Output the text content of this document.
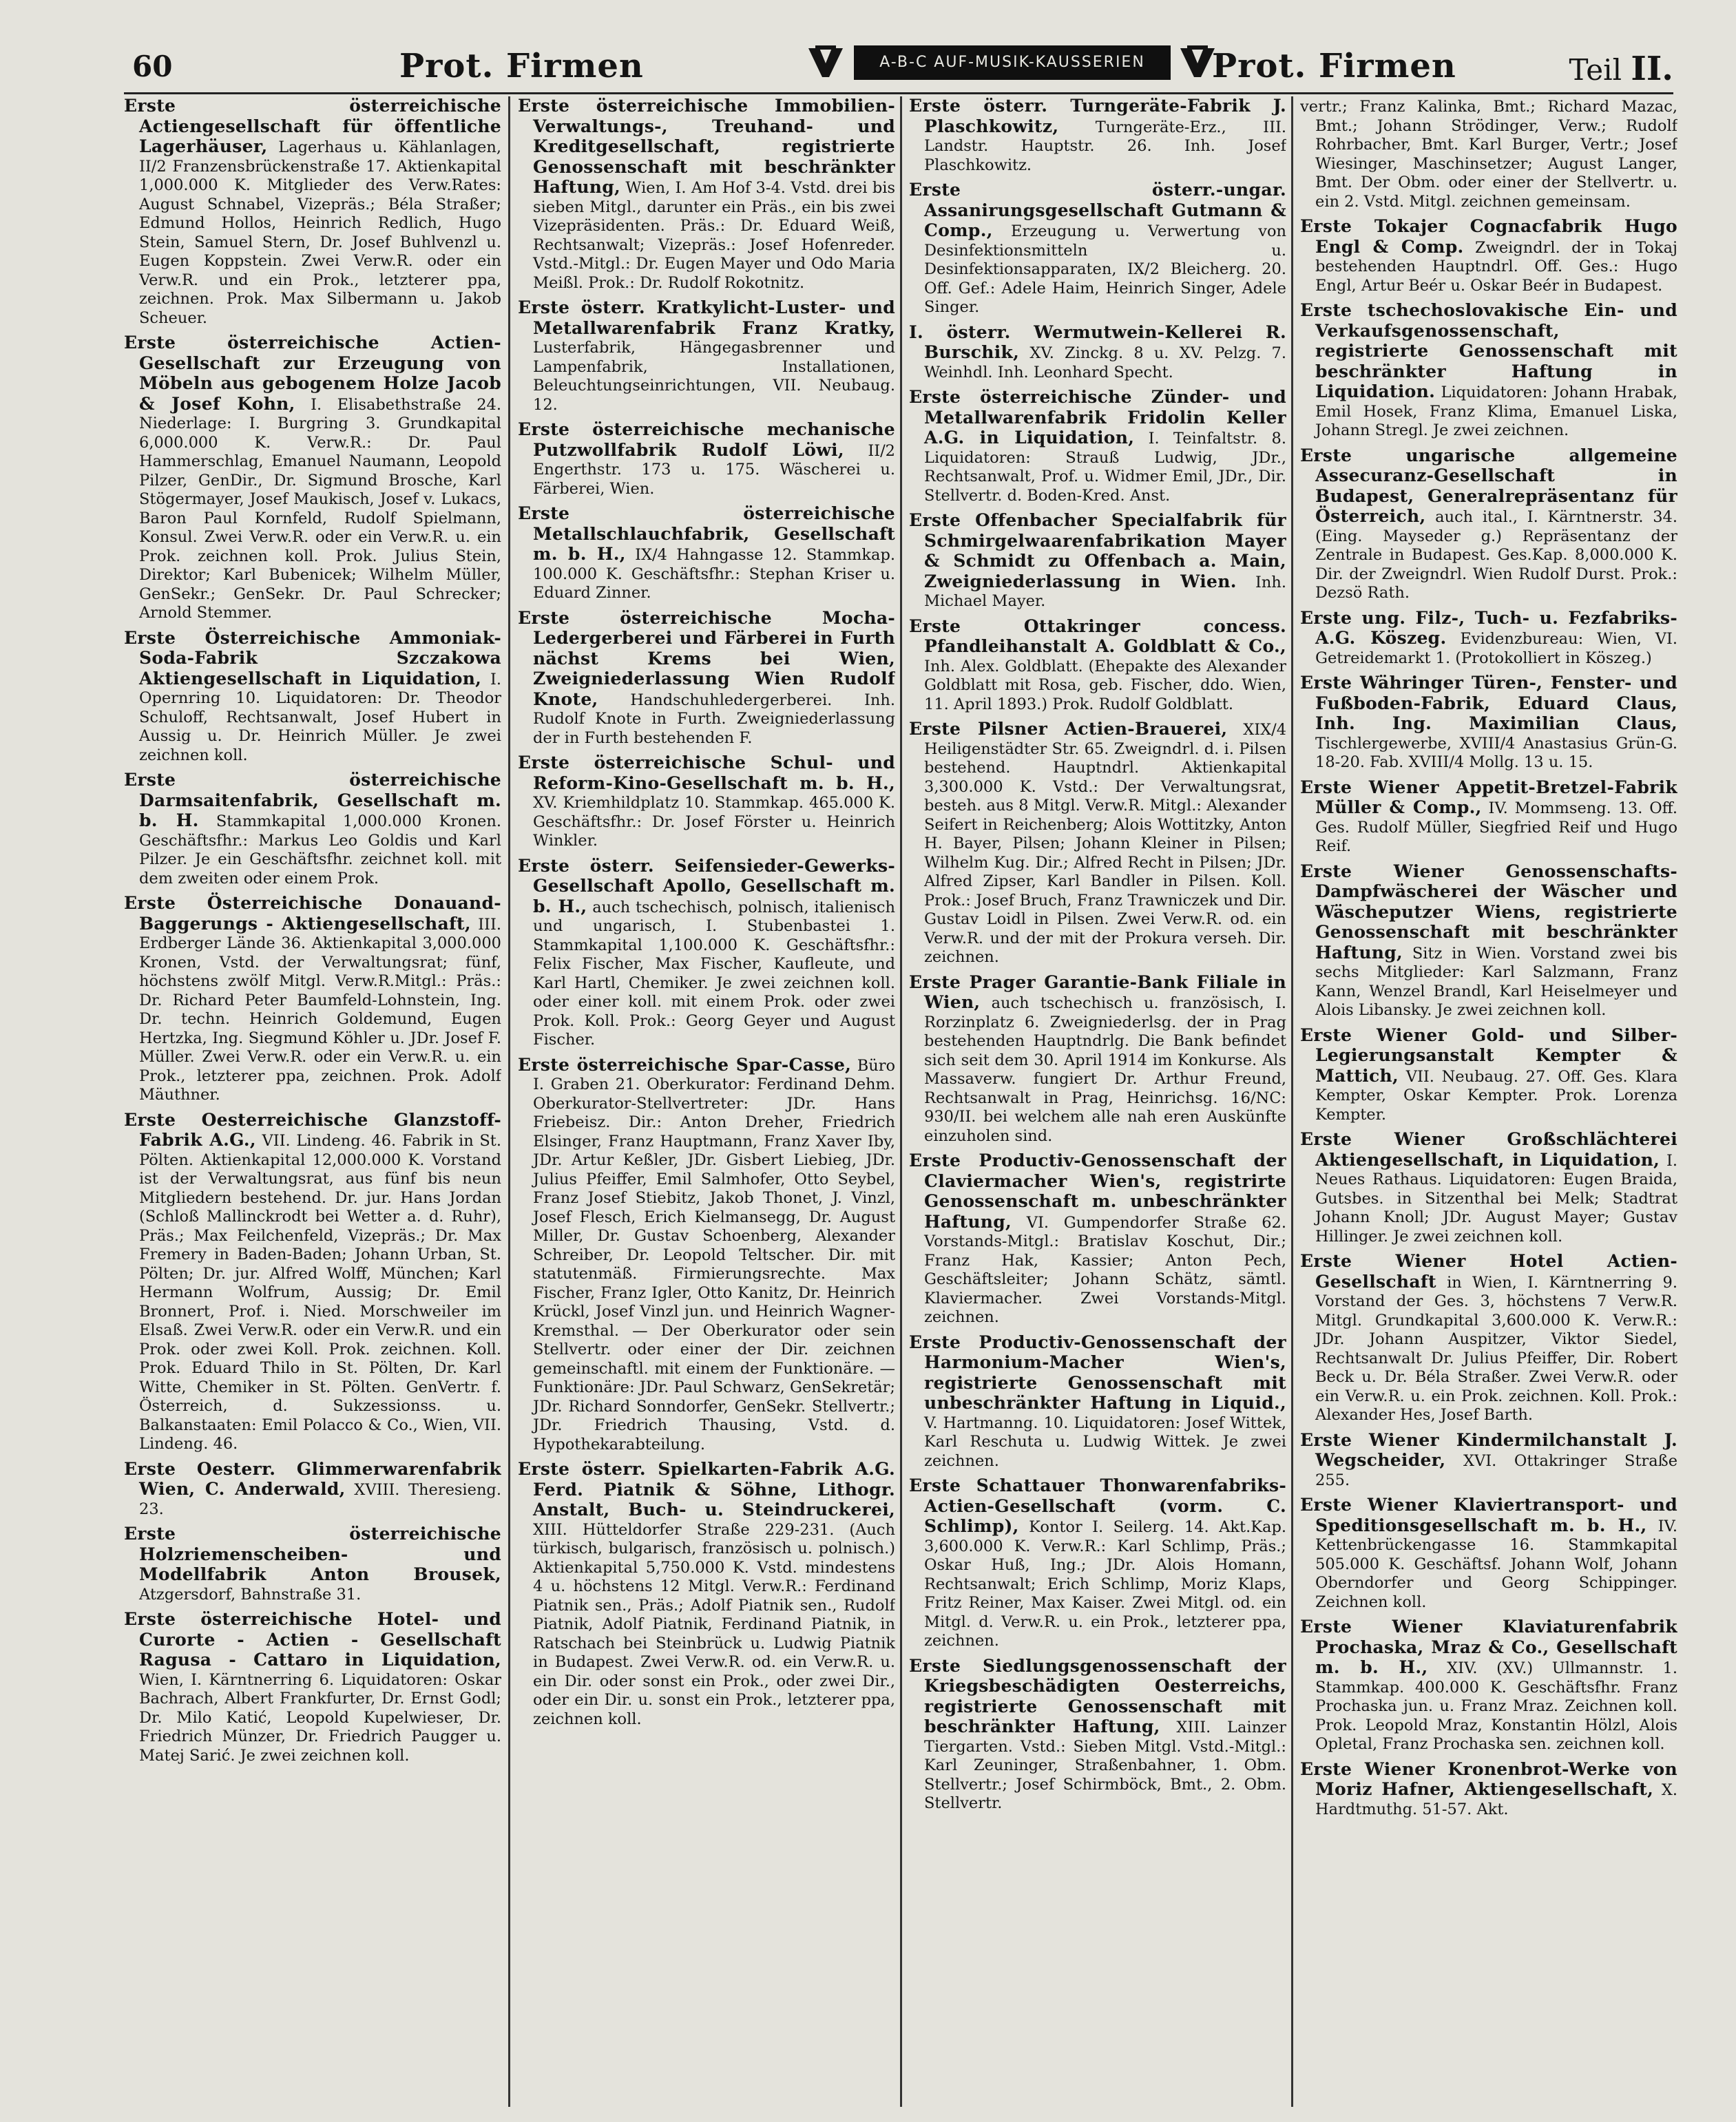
60	Prot. Firmen	A-B-C AUF-MUSIK-KAUSSERIEN	Prot. Firmen	Teil II.

Erste österreichische Actiengesellschaft für öffentliche Lagerhäuser, Lagerhaus u. Kählanlagen, II/2 Franzensbrückenstraße 17. Aktienkapital 1,000.000 K. Mitglieder des Verw.Rates: August Schnabel, Vizepräs.; Béla Straßer; Edmund Hollos, Heinrich Redlich, Hugo Stein, Samuel Stern, Dr. Josef Buhlvenzl u. Eugen Koppstein. Zwei Verw.R. oder ein Verw.R. und ein Prok., letzterer ppa, zeichnen. Prok. Max Silbermann u. Jakob Scheuer.

Erste österreichische Actien-Gesellschaft zur Erzeugung von Möbeln aus gebogenem Holze Jacob & Josef Kohn, I. Elisabethstraße 24. Niederlage: I. Burgring 3. Grundkapital 6,000.000 K. Verw.R.: Dr. Paul Hammerschlag, Emanuel Naumann, Leopold Pilzer, GenDir., Dr. Sigmund Brosche, Karl Stögermayer, Josef Maukisch, Josef v. Lukacs, Baron Paul Kornfeld, Rudolf Spielmann, Konsul. Zwei Verw.R. oder ein Verw.R. u. ein Prok. zeichnen koll. Prok. Julius Stein, Direktor; Karl Bubenicek; Wilhelm Müller, GenSekr.; GenSekr. Dr. Paul Schrecker; Arnold Stemmer.

Erste Österreichische Ammoniak-Soda-Fabrik Szczakowa Aktiengesellschaft in Liquidation, I. Opernring 10. Liquidatoren: Dr. Theodor Schuloff, Rechtsanwalt, Josef Hubert in Aussig u. Dr. Heinrich Müller. Je zwei zeichnen koll.

Erste österreichische Darmsaitenfabrik, Gesellschaft m. b. H. Stammkapital 1,000.000 Kronen. Geschäftsfhr.: Markus Leo Goldis und Karl Pilzer. Je ein Geschäftsfhr. zeichnet koll. mit dem zweiten oder einem Prok.

Erste Österreichische Donauand-Baggerungs - Aktiengesellschaft, III. Erdberger Lände 36. Aktienkapital 3,000.000 Kronen, Vstd. der Verwaltungsrat; fünf, höchstens zwölf Mitgl. Verw.R.Mitgl.: Präs.: Dr. Richard Peter Baumfeld-Lohnstein, Ing. Dr. techn. Heinrich Goldemund, Eugen Hertzka, Ing. Siegmund Köhler u. JDr. Josef F. Müller. Zwei Verw.R. oder ein Verw.R. u. ein Prok., letzterer ppa, zeichnen. Prok. Adolf Mäuthner.

Erste Oesterreichische Glanzstoff-Fabrik A.G., VII. Lindeng. 46. Fabrik in St. Pölten. Aktienkapital 12,000.000 K. Vorstand ist der Verwaltungsrat, aus fünf bis neun Mitgliedern bestehend. Dr. jur. Hans Jordan (Schloß Mallinckrodt bei Wetter a. d. Ruhr), Präs.; Max Feilchenfeld, Vizepräs.; Dr. Max Fremery in Baden-Baden; Johann Urban, St. Pölten; Dr. jur. Alfred Wolff, München; Karl Hermann Wolfrum, Aussig; Dr. Emil Bronnert, Prof. i. Nied. Morschweiler im Elsaß. Zwei Verw.R. oder ein Verw.R. und ein Prok. oder zwei Koll. Prok. zeichnen. Koll. Prok. Eduard Thilo in St. Pölten, Dr. Karl Witte, Chemiker in St. Pölten. GenVertr. f. Österreich, d. Sukzessionss. u. Balkanstaaten: Emil Polacco & Co., Wien, VII. Lindeng. 46.

Erste Oesterr. Glimmerwarenfabrik Wien, C. Anderwald, XVIII. Theresieng. 23.

Erste österreichische Holzriemenscheiben- und Modellfabrik Anton Brousek, Atzgersdorf, Bahnstraße 31.

Erste österreichische Hotel- und Curorte - Actien - Gesellschaft Ragusa - Cattaro in Liquidation, Wien, I. Kärntnerring 6. Liquidatoren: Oskar Bachrach, Albert Frankfurter, Dr. Ernst Godl; Dr. Milo Katić, Leopold Kupelwieser, Dr. Friedrich Münzer, Dr. Friedrich Paugger u. Matej Sarić. Je zwei zeichnen koll.

Erste österreichische Immobilien-Verwaltungs-, Treuhand- und Kreditgesellschaft, registrierte Genossenschaft mit beschränkter Haftung, Wien, I. Am Hof 3-4. Vstd. drei bis sieben Mitgl., darunter ein Präs., ein bis zwei Vizepräsidenten. Präs.: Dr. Eduard Weiß, Rechtsanwalt; Vizepräs.: Josef Hofenreder. Vstd.-Mitgl.: Dr. Eugen Mayer und Odo Maria Meißl. Prok.: Dr. Rudolf Rokotnitz.

Erste österr. Kratkylicht-Luster- und Metallwarenfabrik Franz Kratky, Lusterfabrik, Hängegasbrenner und Lampenfabrik, Installationen, Beleuchtungseinrichtungen, VII. Neubaug. 12.

Erste österreichische mechanische Putzwollfabrik Rudolf Löwi, II/2 Engerthstr. 173 u. 175. Wäscherei u. Färberei, Wien.

Erste österreichische Metallschlauchfabrik, Gesellschaft m. b. H., IX/4 Hahngasse 12. Stammkap. 100.000 K. Geschäftsfhr.: Stephan Kriser u. Eduard Zinner.

Erste österreichische Mocha-Ledergerberei und Färberei in Furth nächst Krems bei Wien, Zweigniederlassung Wien Rudolf Knote, Handschuhledergerberei. Inh. Rudolf Knote in Furth. Zweigniederlassung der in Furth bestehenden F.

Erste österreichische Schul- und Reform-Kino-Gesellschaft m. b. H., XV. Kriemhildplatz 10. Stammkap. 465.000 K. Geschäftsfhr.: Dr. Josef Förster u. Heinrich Winkler.

Erste österr. Seifensieder-Gewerks-Gesellschaft Apollo, Gesellschaft m. b. H., auch tschechisch, polnisch, italienisch und ungarisch, I. Stubenbastei 1. Stammkapital 1,100.000 K. Geschäftsfhr.: Felix Fischer, Max Fischer, Kaufleute, und Karl Hartl, Chemiker. Je zwei zeichnen koll. oder einer koll. mit einem Prok. oder zwei Prok. Koll. Prok.: Georg Geyer und August Fischer.

Erste österreichische Spar-Casse, Büro I. Graben 21. Oberkurator: Ferdinand Dehm. Oberkurator-Stellvertreter: JDr. Hans Friebeisz. Dir.: Anton Dreher, Friedrich Elsinger, Franz Hauptmann, Franz Xaver Iby, JDr. Artur Keßler, JDr. Gisbert Liebieg, JDr. Julius Pfeiffer, Emil Salmhofer, Otto Seybel, Franz Josef Stiebitz, Jakob Thonet, J. Vinzl, Josef Flesch, Erich Kielmansegg, Dr. August Miller, Dr. Gustav Schoenberg, Alexander Schreiber, Dr. Leopold Teltscher. Dir. mit statutenmäß. Firmierungsrechte. Max Fischer, Franz Igler, Otto Kanitz, Dr. Heinrich Krückl, Josef Vinzl jun. und Heinrich Wagner-Kremsthal. — Der Oberkurator oder sein Stellvertr. oder einer der Dir. zeichnen gemeinschaftl. mit einem der Funktionäre. — Funktionäre: JDr. Paul Schwarz, GenSekretär; JDr. Richard Sonndorfer, GenSekr. Stellvertr.; JDr. Friedrich Thausing, Vstd. d. Hypothekarabteilung.

Erste österr. Spielkarten-Fabrik A.G. Ferd. Piatnik & Söhne, Lithogr. Anstalt, Buch- u. Steindruckerei, XIII. Hütteldorfer Straße 229-231. (Auch türkisch, bulgarisch, französisch u. polnisch.) Aktienkapital 5,750.000 K. Vstd. mindestens 4 u. höchstens 12 Mitgl. Verw.R.: Ferdinand Piatnik sen., Präs.; Adolf Piatnik sen., Rudolf Piatnik, Adolf Piatnik, Ferdinand Piatnik, in Ratschach bei Steinbrück u. Ludwig Piatnik in Budapest. Zwei Verw.R. od. ein Verw.R. u. ein Dir. oder sonst ein Prok., oder zwei Dir., oder ein Dir. u. sonst ein Prok., letzterer ppa, zeichnen koll.

Erste österr. Turngeräte-Fabrik J. Plaschkowitz, Turngeräte-Erz., III. Landstr. Hauptstr. 26. Inh. Josef Plaschkowitz.

Erste österr.-ungar. Assanirungsgesellschaft Gutmann & Comp., Erzeugung u. Verwertung von Desinfektionsmitteln u. Desinfektionsapparaten, IX/2 Bleicherg. 20. Off. Gef.: Adele Haim, Heinrich Singer, Adele Singer.

I. österr. Wermutwein-Kellerei R. Burschik, XV. Zinckg. 8 u. XV. Pelzg. 7. Weinhdl. Inh. Leonhard Specht.

Erste österreichische Zünder- und Metallwarenfabrik Fridolin Keller A.G. in Liquidation, I. Teinfaltstr. 8. Liquidatoren: Strauß Ludwig, JDr., Rechtsanwalt, Prof. u. Widmer Emil, JDr., Dir. Stellvertr. d. Boden-Kred. Anst.

Erste Offenbacher Specialfabrik für Schmirgelwaarenfabrikation Mayer & Schmidt zu Offenbach a. Main, Zweigniederlassung in Wien. Inh. Michael Mayer.

Erste Ottakringer concess. Pfandleihanstalt A. Goldblatt & Co., Inh. Alex. Goldblatt. (Ehepakte des Alexander Goldblatt mit Rosa, geb. Fischer, ddo. Wien, 11. April 1893.) Prok. Rudolf Goldblatt.

Erste Pilsner Actien-Brauerei, XIX/4 Heiligenstädter Str. 65. Zweigndrl. d. i. Pilsen bestehend. Hauptndrl. Aktienkapital 3,300.000 K. Vstd.: Der Verwaltungsrat, besteh. aus 8 Mitgl. Verw.R. Mitgl.: Alexander Seifert in Reichenberg; Alois Wottitzky, Anton H. Bayer, Pilsen; Johann Kleiner in Pilsen; Wilhelm Kug. Dir.; Alfred Recht in Pilsen; JDr. Alfred Zipser, Karl Bandler in Pilsen. Koll. Prok.: Josef Bruch, Franz Trawniczek und Dir. Gustav Loidl in Pilsen. Zwei Verw.R. od. ein Verw.R. und der mit der Prokura verseh. Dir. zeichnen.

Erste Prager Garantie-Bank Filiale in Wien, auch tschechisch u. französisch, I. Rorzinplatz 6. Zweigniederlsg. der in Prag bestehenden Hauptndrlg. Die Bank befindet sich seit dem 30. April 1914 im Konkurse. Als Massaverw. fungiert Dr. Arthur Freund, Rechtsanwalt in Prag, Heinrichsg. 16/NC: 930/II. bei welchem alle nah eren Auskünfte einzuholen sind.

Erste Productiv-Genossenschaft der Claviermacher Wien's, registrirte Genossenschaft m. unbeschränkter Haftung, VI. Gumpendorfer Straße 62. Vorstands-Mitgl.: Bratislav Koschut, Dir.; Franz Hak, Kassier; Anton Pech, Geschäftsleiter; Johann Schätz, sämtl. Klaviermacher. Zwei Vorstands-Mitgl. zeichnen.

Erste Productiv-Genossenschaft der Harmonium-Macher Wien's, registrierte Genossenschaft mit unbeschränkter Haftung in Liquid., V. Hartmanng. 10. Liquidatoren: Josef Wittek, Karl Reschuta u. Ludwig Wittek. Je zwei zeichnen.

Erste Schattauer Thonwarenfabriks-Actien-Gesellschaft (vorm. C. Schlimp), Kontor I. Seilerg. 14. Akt.Kap. 3,600.000 K. Verw.R.: Karl Schlimp, Präs.; Oskar Huß, Ing.; JDr. Alois Homann, Rechtsanwalt; Erich Schlimp, Moriz Klaps, Fritz Reiner, Max Kaiser. Zwei Mitgl. od. ein Mitgl. d. Verw.R. u. ein Prok., letzterer ppa, zeichnen.

Erste Siedlungsgenossenschaft der Kriegsbeschädigten Oesterreichs, registrierte Genossenschaft mit beschränkter Haftung, XIII. Lainzer Tiergarten. Vstd.: Sieben Mitgl. Vstd.-Mitgl.: Karl Zeuninger, Straßenbahner, 1. Obm. Stellvertr.; Josef Schirmböck, Bmt., 2. Obm. Stellvertr.

vertr.; Franz Kalinka, Bmt.; Richard Mazac, Bmt.; Johann Strödinger, Verw.; Rudolf Rohrbacher, Bmt. Karl Burger, Vertr.; Josef Wiesinger, Maschinsetzer; August Langer, Bmt. Der Obm. oder einer der Stellvertr. u. ein 2. Vstd. Mitgl. zeichnen gemeinsam.

Erste Tokajer Cognacfabrik Hugo Engl & Comp. Zweigndrl. der in Tokaj bestehenden Hauptndrl. Off. Ges.: Hugo Engl, Artur Beér u. Oskar Beér in Budapest.

Erste tschechoslovakische Ein- und Verkaufsgenossenschaft, registrierte Genossenschaft mit beschränkter Haftung in Liquidation. Liquidatoren: Johann Hrabak, Emil Hosek, Franz Klima, Emanuel Liska, Johann Stregl. Je zwei zeichnen.

Erste ungarische allgemeine Assecuranz-Gesellschaft in Budapest, Generalrepräsentanz für Österreich, auch ital., I. Kärntnerstr. 34. (Eing. Mayseder g.) Repräsentanz der Zentrale in Budapest. Ges.Kap. 8,000.000 K. Dir. der Zweigndrl. Wien Rudolf Durst. Prok.: Dezsö Rath.

Erste ung. Filz-, Tuch- u. Fezfabriks-A.G. Köszeg. Evidenzbureau: Wien, VI. Getreidemarkt 1. (Protokolliert in Köszeg.)

Erste Währinger Türen-, Fenster- und Fußboden-Fabrik, Eduard Claus, Inh. Ing. Maximilian Claus, Tischlergewerbe, XVIII/4 Anastasius Grün-G. 18-20. Fab. XVIII/4 Mollg. 13 u. 15.

Erste Wiener Appetit-Bretzel-Fabrik Müller & Comp., IV. Mommseng. 13. Off. Ges. Rudolf Müller, Siegfried Reif und Hugo Reif.

Erste Wiener Genossenschafts-Dampfwäscherei der Wäscher und Wäscheputzer Wiens, registrierte Genossenschaft mit beschränkter Haftung, Sitz in Wien. Vorstand zwei bis sechs Mitglieder: Karl Salzmann, Franz Kann, Wenzel Brandl, Karl Heiselmeyer und Alois Libansky. Je zwei zeichnen koll.

Erste Wiener Gold- und Silber-Legierungsanstalt Kempter & Mattich, VII. Neubaug. 27. Off. Ges. Klara Kempter, Oskar Kempter. Prok. Lorenza Kempter.

Erste Wiener Großschlächterei Aktiengesellschaft, in Liquidation, I. Neues Rathaus. Liquidatoren: Eugen Braida, Gutsbes. in Sitzenthal bei Melk; Stadtrat Johann Knoll; JDr. August Mayer; Gustav Hillinger. Je zwei zeichnen koll.

Erste Wiener Hotel Actien-Gesellschaft in Wien, I. Kärntnerring 9. Vorstand der Ges. 3, höchstens 7 Verw.R. Mitgl. Grundkapital 3,600.000 K. Verw.R.: JDr. Johann Auspitzer, Viktor Siedel, Rechtsanwalt Dr. Julius Pfeiffer, Dir. Robert Beck u. Dr. Béla Straßer. Zwei Verw.R. oder ein Verw.R. u. ein Prok. zeichnen. Koll. Prok.: Alexander Hes, Josef Barth.

Erste Wiener Kindermilchanstalt J. Wegscheider, XVI. Ottakringer Straße 255.

Erste Wiener Klaviertransport- und Speditionsgesellschaft m. b. H., IV. Kettenbrückengasse 16. Stammkapital 505.000 K. Geschäftsf. Johann Wolf, Johann Oberndorfer und Georg Schippinger. Zeichnen koll.

Erste Wiener Klaviaturenfabrik Prochaska, Mraz & Co., Gesellschaft m. b. H., XIV. (XV.) Ullmannstr. 1. Stammkap. 400.000 K. Geschäftsfhr. Franz Prochaska jun. u. Franz Mraz. Zeichnen koll. Prok. Leopold Mraz, Konstantin Hölzl, Alois Opletal, Franz Prochaska sen. zeichnen koll.

Erste Wiener Kronenbrot-Werke von Moriz Hafner, Aktiengesellschaft, X. Hardtmuthg. 51-57. Akt.
